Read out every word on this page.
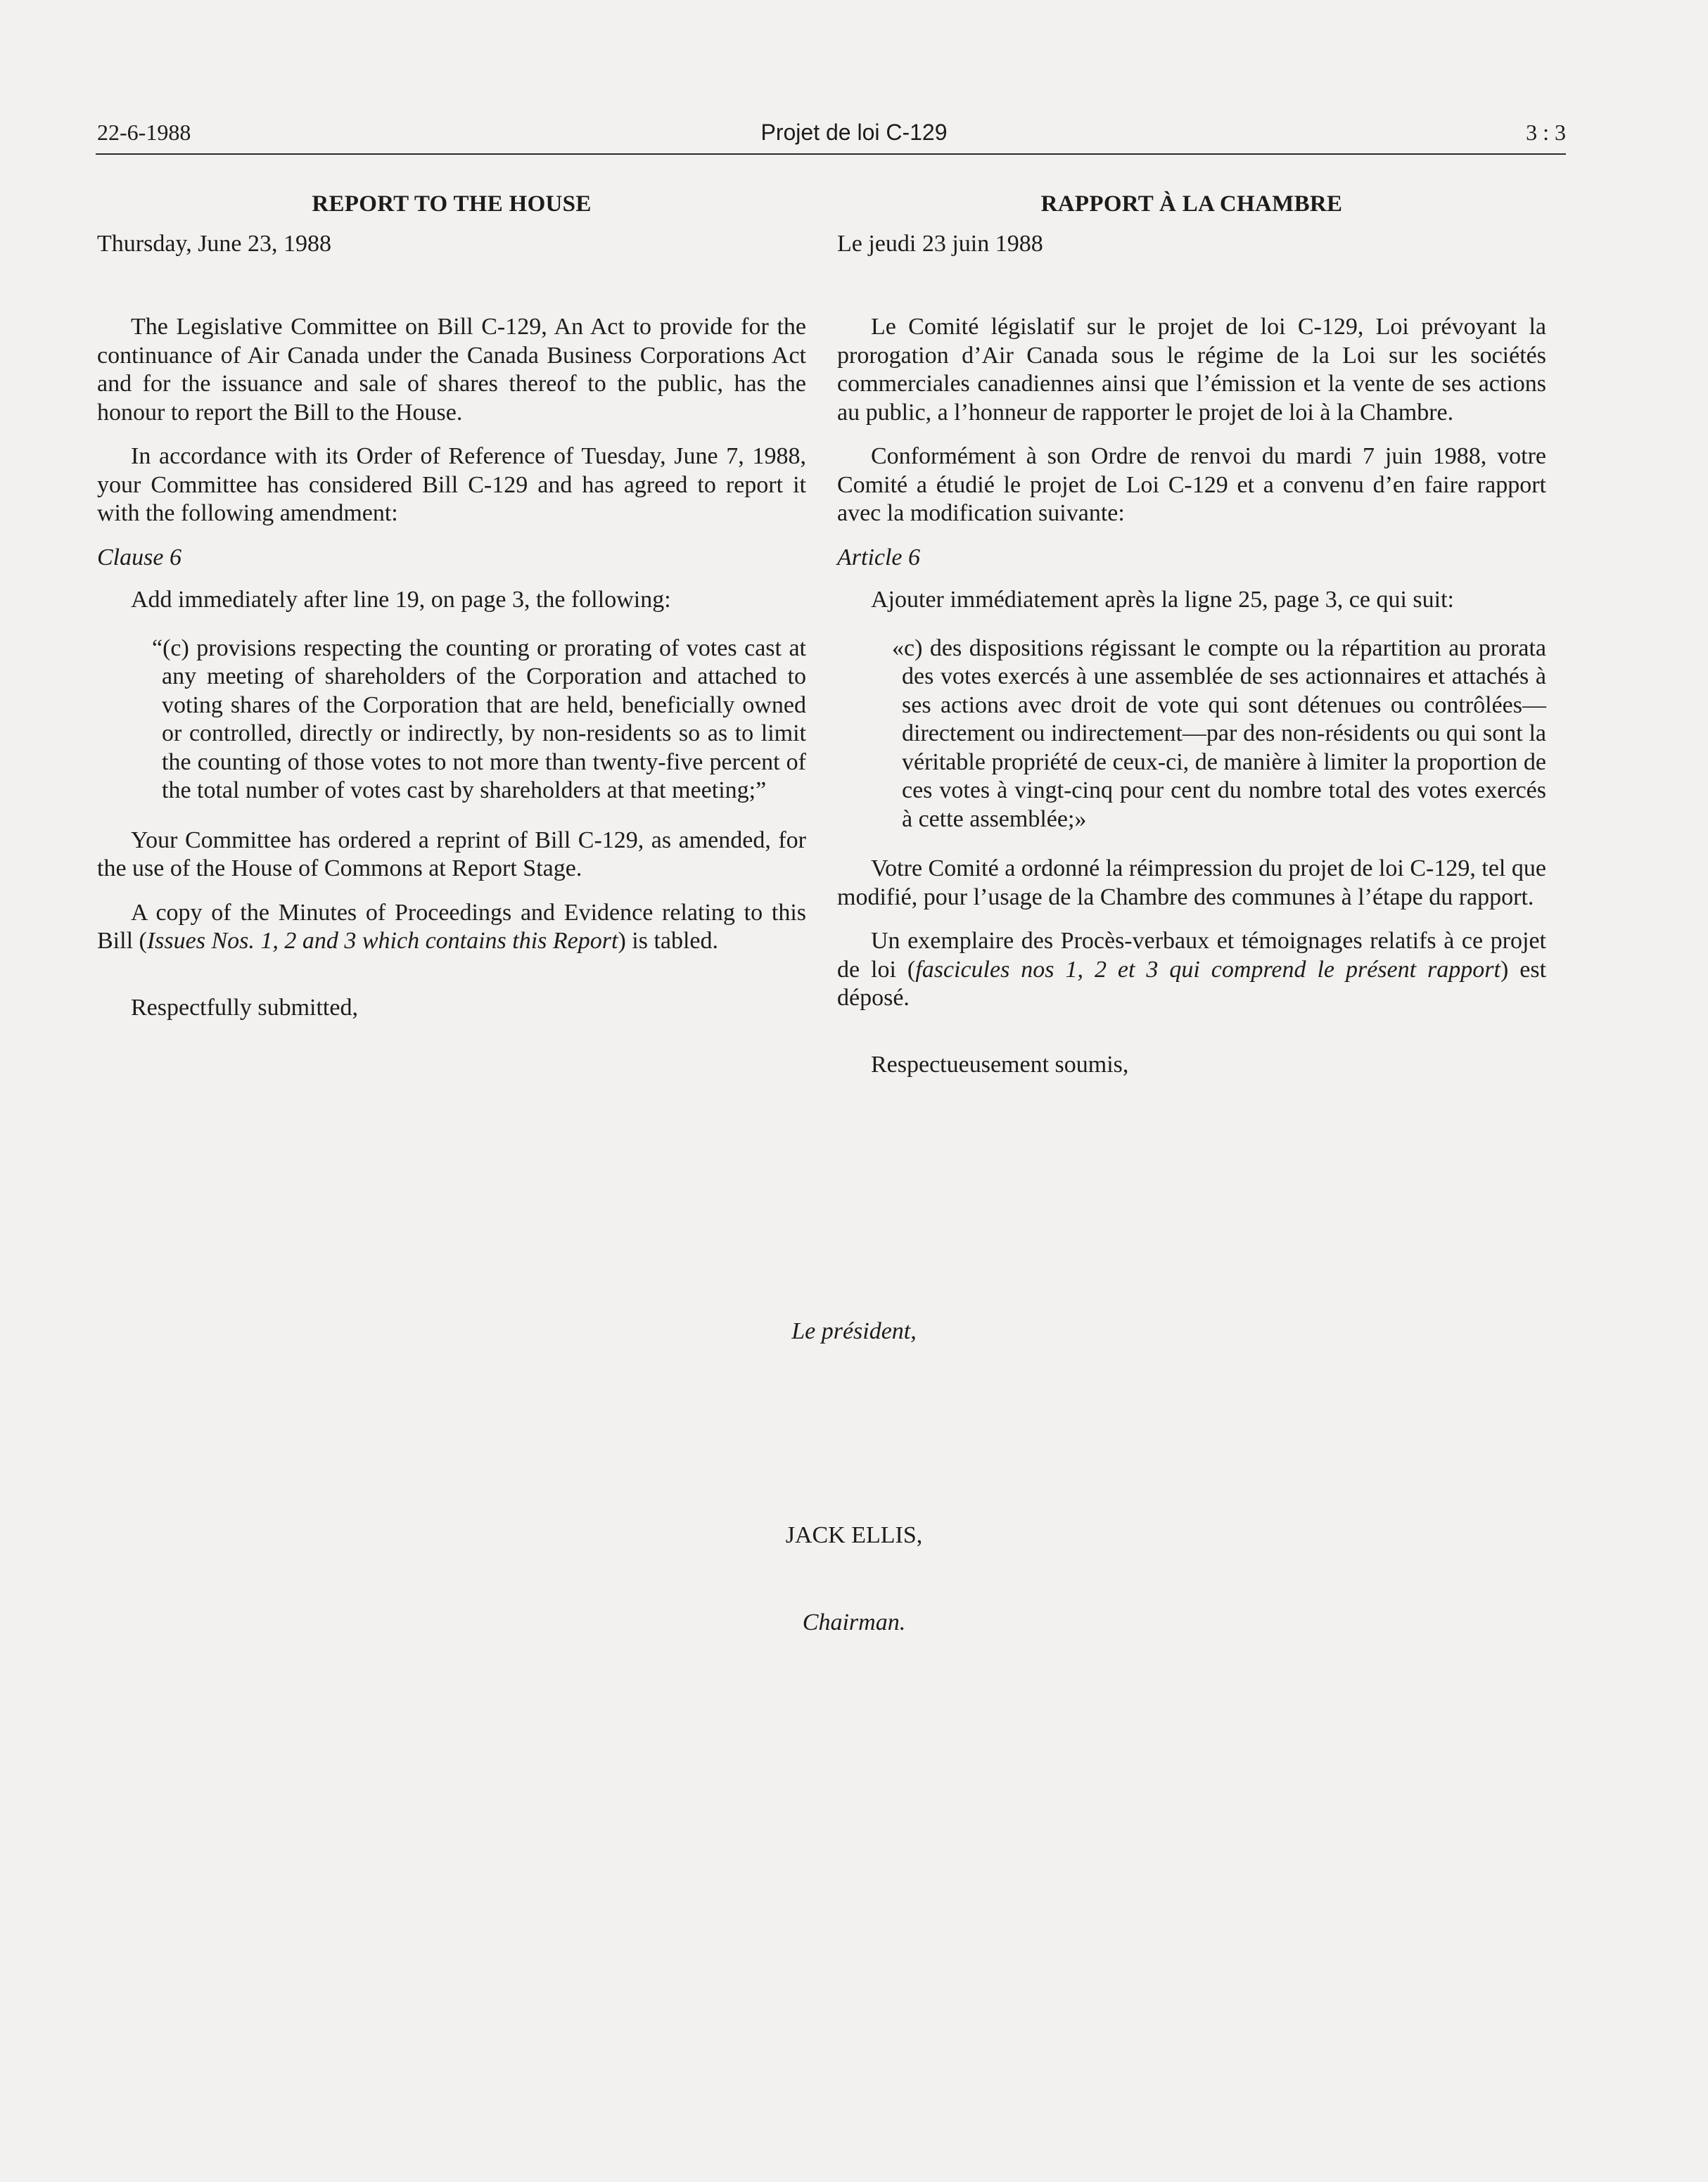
22-6-1988	Projet de loi C-129	3 : 3
REPORT TO THE HOUSE
Thursday, June 23, 1988

The Legislative Committee on Bill C-129, An Act to provide for the continuance of Air Canada under the Canada Business Corporations Act and for the issuance and sale of shares thereof to the public, has the honour to report the Bill to the House.

In accordance with its Order of Reference of Tuesday, June 7, 1988, your Committee has considered Bill C-129 and has agreed to report it with the following amendment:

Clause 6

Add immediately after line 19, on page 3, the following:

“(c) provisions respecting the counting or prorating of votes cast at any meeting of shareholders of the Corporation and attached to voting shares of the Corporation that are held, beneficially owned or controlled, directly or indirectly, by non-residents so as to limit the counting of those votes to not more than twenty-five percent of the total number of votes cast by shareholders at that meeting;”

Your Committee has ordered a reprint of Bill C-129, as amended, for the use of the House of Commons at Report Stage.

A copy of the Minutes of Proceedings and Evidence relating to this Bill (Issues Nos. 1, 2 and 3 which contains this Report) is tabled.

Respectfully submitted,

RAPPORT À LA CHAMBRE
Le jeudi 23 juin 1988

Le Comité législatif sur le projet de loi C-129, Loi prévoyant la prorogation d’Air Canada sous le régime de la Loi sur les sociétés commerciales canadiennes ainsi que l’émission et la vente de ses actions au public, a l’honneur de rapporter le projet de loi à la Chambre.

Conformément à son Ordre de renvoi du mardi 7 juin 1988, votre Comité a étudié le projet de Loi C-129 et a convenu d’en faire rapport avec la modification suivante:

Article 6

Ajouter immédiatement après la ligne 25, page 3, ce qui suit:

«c) des dispositions régissant le compte ou la répartition au prorata des votes exercés à une assemblée de ses actionnaires et attachés à ses actions avec droit de vote qui sont détenues ou contrôlées—directement ou indirectement—par des non-résidents ou qui sont la véritable propriété de ceux-ci, de manière à limiter la proportion de ces votes à vingt-cinq pour cent du nombre total des votes exercés à cette assemblée;»

Votre Comité a ordonné la réimpression du projet de loi C-129, tel que modifié, pour l’usage de la Chambre des communes à l’étape du rapport.

Un exemplaire des Procès-verbaux et témoignages relatifs à ce projet de loi (fascicules nos 1, 2 et 3 qui comprend le présent rapport) est déposé.

Respectueusement soumis,

Le président,
JACK ELLIS,
Chairman.
